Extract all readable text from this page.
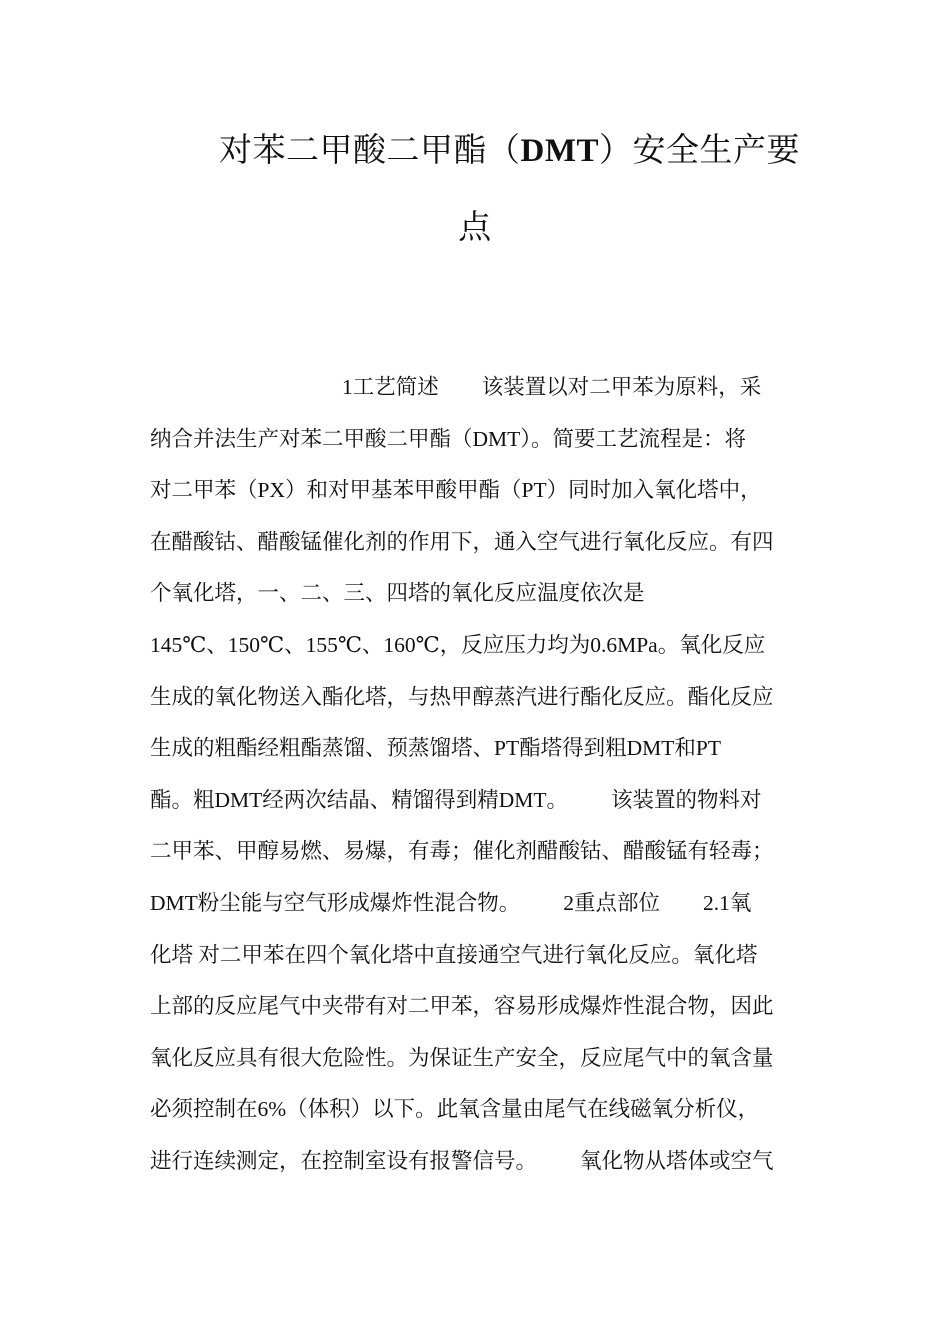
对苯二甲酸二甲酯（DMT）安全生产要
点
1工艺简述        该装置以对二甲苯为原料，采
纳合并法生产对苯二甲酸二甲酯（DMT）。简要工艺流程是：将
对二甲苯（PX）和对甲基苯甲酸甲酯（PT）同时加入氧化塔中，
在醋酸钴、醋酸锰催化剂的作用下，通入空气进行氧化反应。有四
个氧化塔，一、二、三、四塔的氧化反应温度依次是
145℃、150℃、155℃、160℃，反应压力均为0.6MPa。氧化反应
生成的氧化物送入酯化塔，与热甲醇蒸汽进行酯化反应。酯化反应
生成的粗酯经粗酯蒸馏、预蒸馏塔、PT酯塔得到粗DMT和PT
酯。粗DMT经两次结晶、精馏得到精DMT。        该装置的物料对
二甲苯、甲醇易燃、易爆，有毒；催化剂醋酸钴、醋酸锰有轻毒；
DMT粉尘能与空气形成爆炸性混合物。        2重点部位        2.1氧
化塔 对二甲苯在四个氧化塔中直接通空气进行氧化反应。氧化塔
上部的反应尾气中夹带有对二甲苯，容易形成爆炸性混合物，因此
氧化反应具有很大危险性。为保证生产安全，反应尾气中的氧含量
必须控制在6%（体积）以下。此氧含量由尾气在线磁氧分析仪，
进行连续测定，在控制室设有报警信号。        氧化物从塔体或空气
